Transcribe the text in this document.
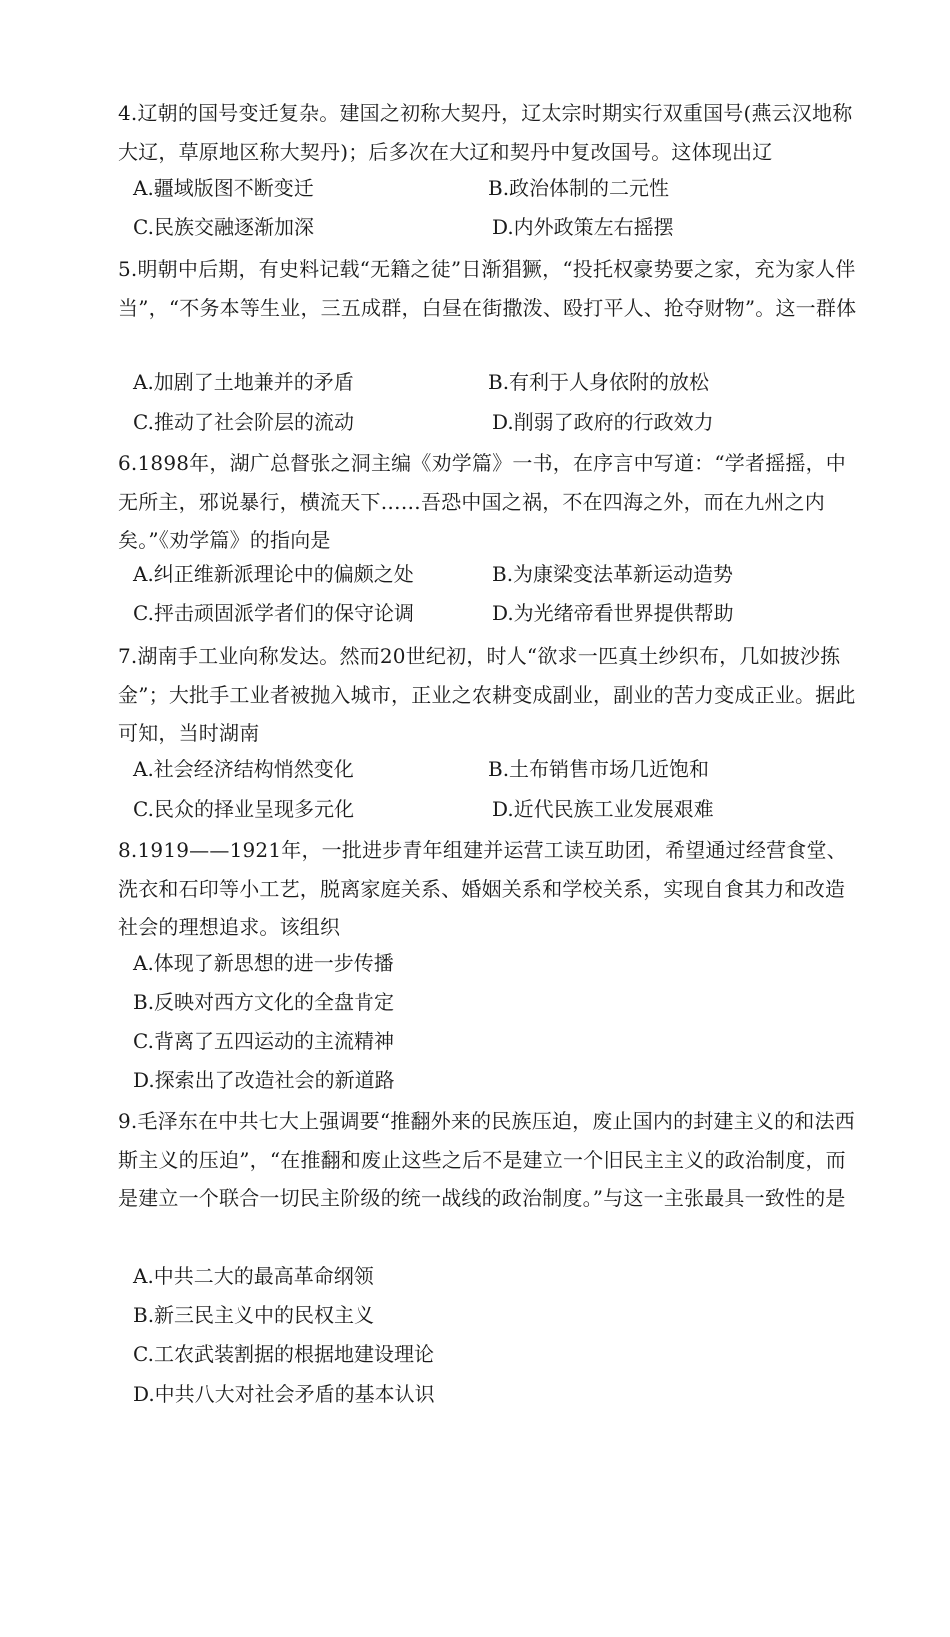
4.辽朝的国号变迁复杂。建国之初称大契丹，辽太宗时期实行双重国号(燕云汉地称大辽，草原地区称大契丹)；后多次在大辽和契丹中复改国号。这体现出辽
A.疆域版图不断变迁	B.政治体制的二元性
C.民族交融逐渐加深	D.内外政策左右摇摆
5.明朝中后期，有史料记载“无籍之徒”日渐猖獗，“投托权豪势要之家，充为家人伴当”，“不务本等生业，三五成群，白昼在街撒泼、殴打平人、抢夺财物”。这一群体
A.加剧了土地兼并的矛盾	B.有利于人身依附的放松
C.推动了社会阶层的流动	D.削弱了政府的行政效力
6.1898年，湖广总督张之洞主编《劝学篇》一书，在序言中写道：“学者摇摇，中无所主，邪说暴行，横流天下……吾恐中国之祸，不在四海之外，而在九州之内矣。”《劝学篇》的指向是
A.纠正维新派理论中的偏颇之处	B.为康梁变法革新运动造势
C.抨击顽固派学者们的保守论调	D.为光绪帝看世界提供帮助
7.湖南手工业向称发达。然而20世纪初，时人“欲求一匹真土纱织布，几如披沙拣金”；大批手工业者被抛入城市，正业之农耕变成副业，副业的苦力变成正业。据此可知，当时湖南
A.社会经济结构悄然变化	B.土布销售市场几近饱和
C.民众的择业呈现多元化	D.近代民族工业发展艰难
8.1919——1921年，一批进步青年组建并运营工读互助团，希望通过经营食堂、洗衣和石印等小工艺，脱离家庭关系、婚姻关系和学校关系，实现自食其力和改造社会的理想追求。该组织
A.体现了新思想的进一步传播
B.反映对西方文化的全盘肯定
C.背离了五四运动的主流精神
D.探索出了改造社会的新道路
9.毛泽东在中共七大上强调要“推翻外来的民族压迫，废止国内的封建主义的和法西斯主义的压迫”，“在推翻和废止这些之后不是建立一个旧民主主义的政治制度，而是建立一个联合一切民主阶级的统一战线的政治制度。”与这一主张最具一致性的是
A.中共二大的最高革命纲领
B.新三民主义中的民权主义
C.工农武装割据的根据地建设理论
D.中共八大对社会矛盾的基本认识
